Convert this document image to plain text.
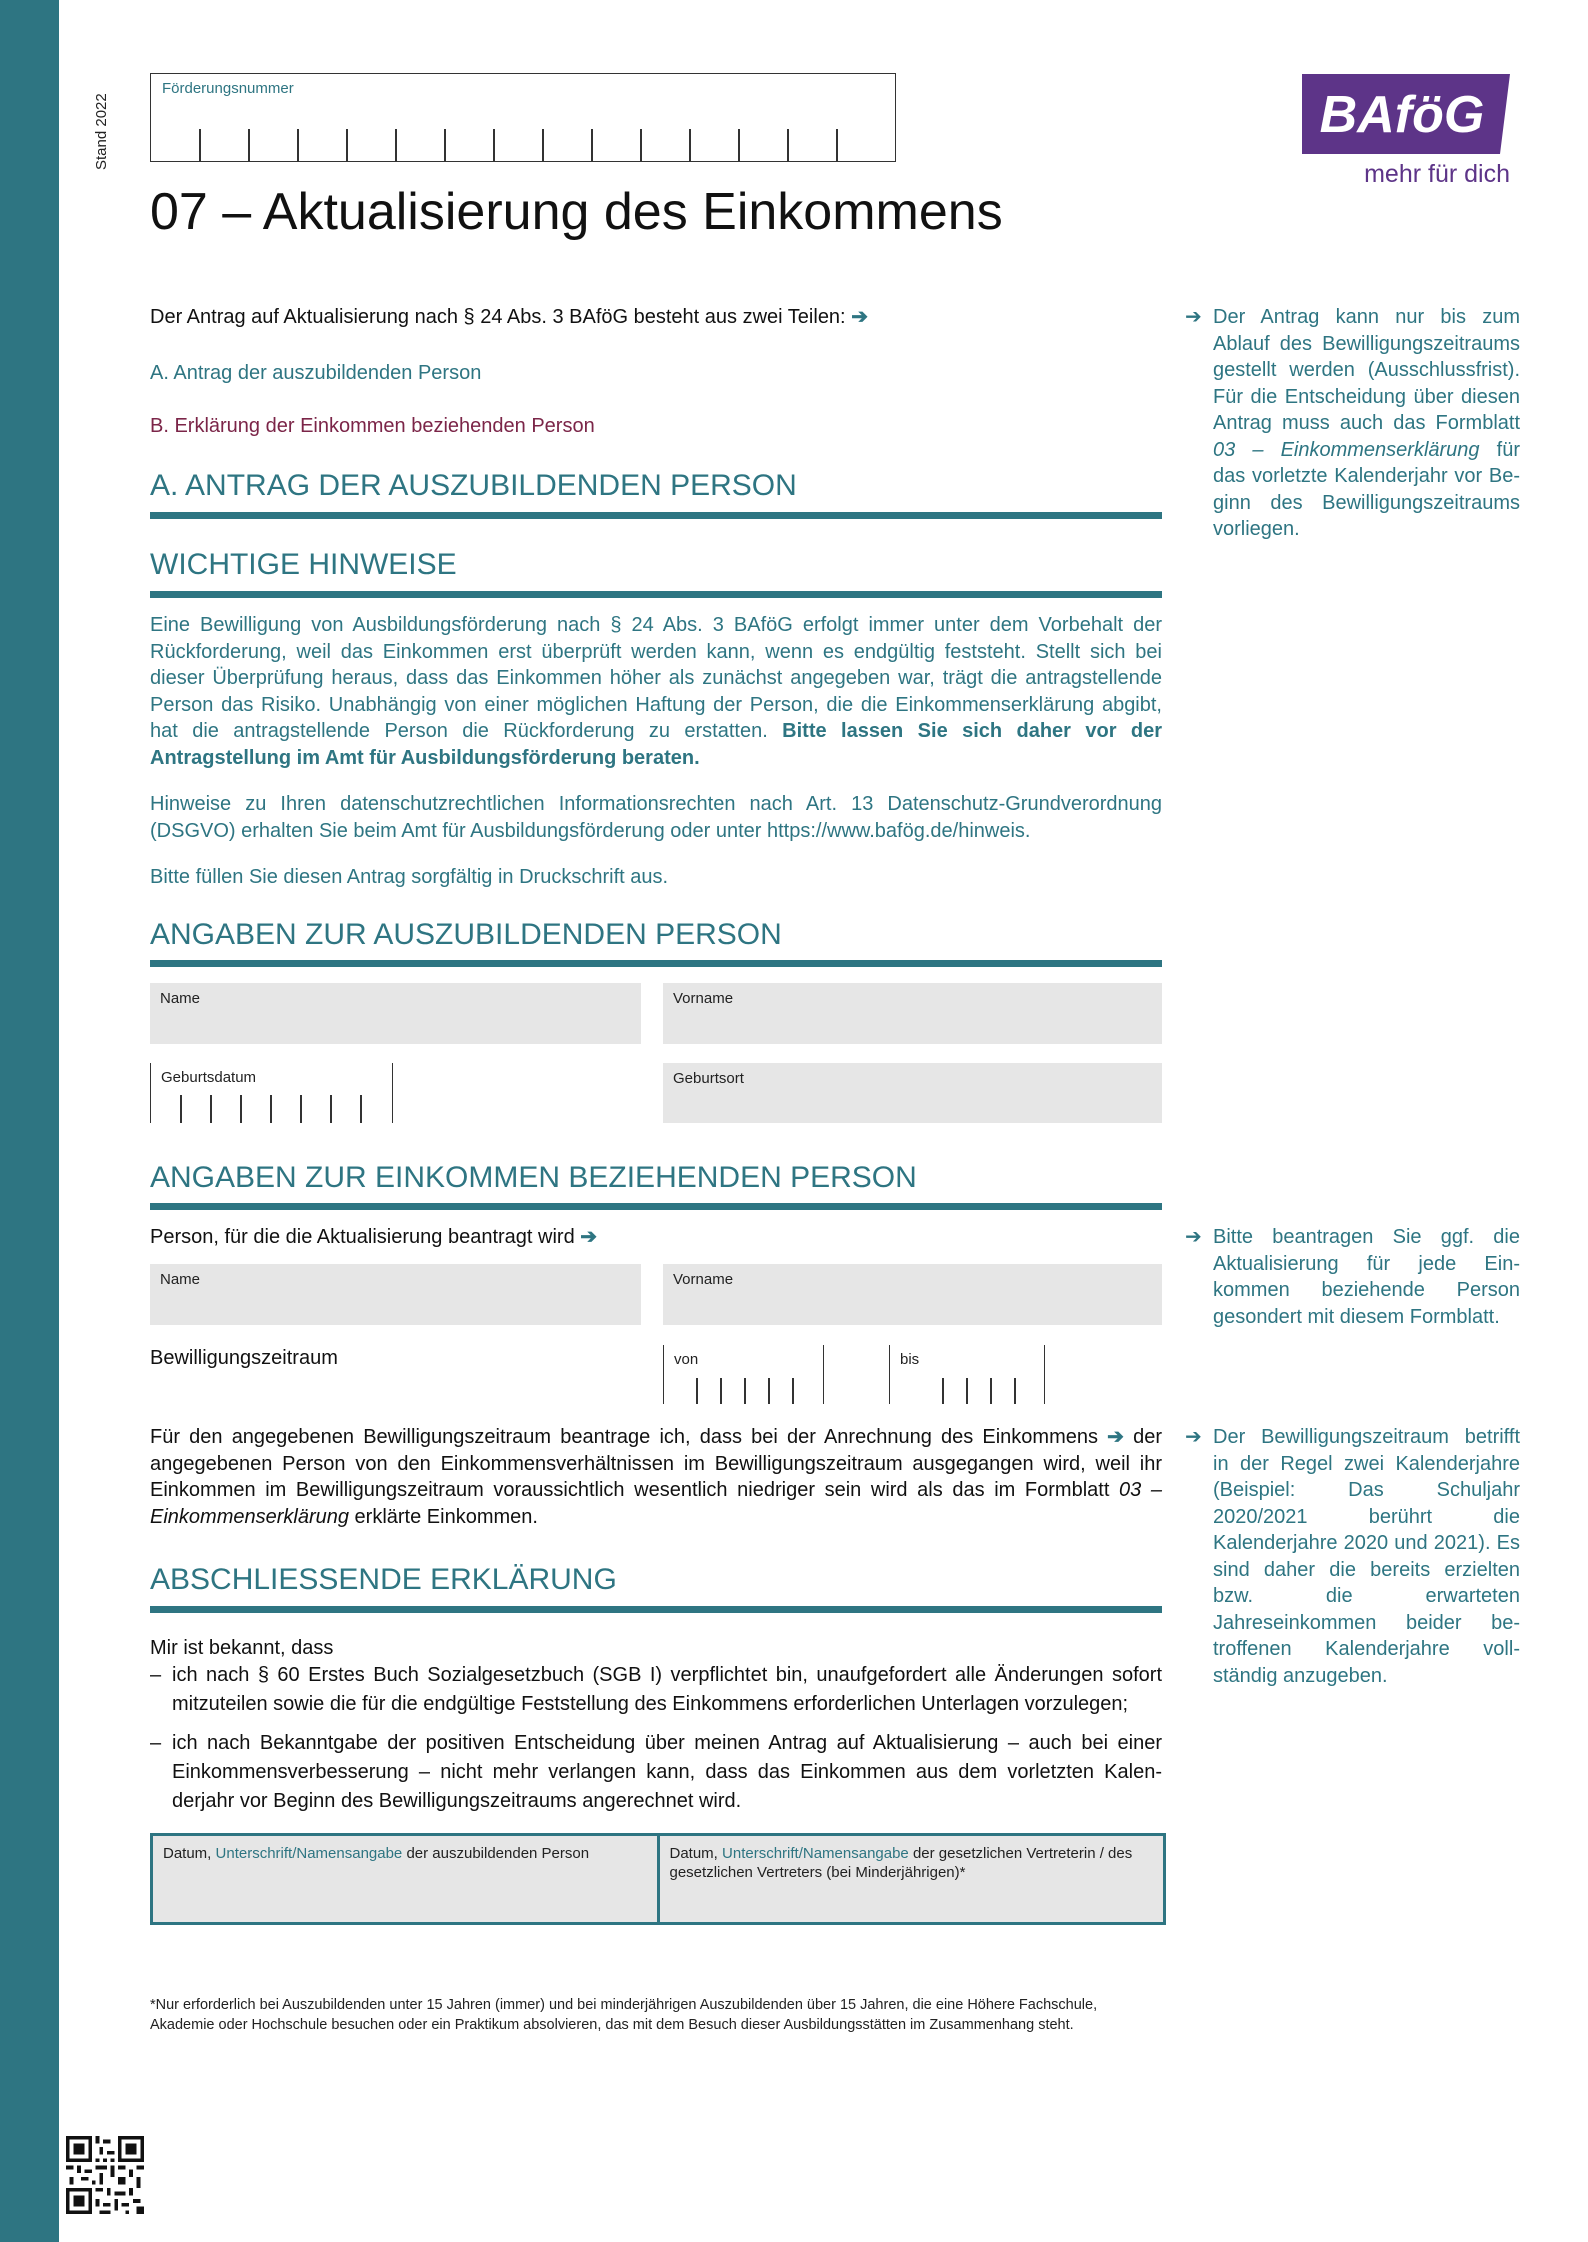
Stand 2022
Förderungsnummer	BAföG
mehr für dich
07 – Aktualisierung des Einkommens
Der Antrag auf Aktualisierung nach § 24 Abs. 3 BAföG besteht aus zwei Teilen: ➔
A. Antrag der auszubildenden Person
B. Erklärung der Einkommen beziehenden Person
A. ANTRAG DER AUSZUBILDENDEN PERSON
WICHTIGE HINWEISE
Eine Bewilligung von Ausbildungsförderung nach § 24 Abs. 3 BAföG erfolgt immer unter dem Vorbehalt der Rückforderung, weil das Einkommen erst überprüft werden kann, wenn es endgültig feststeht. Stellt sich bei dieser Überprüfung heraus, dass das Einkommen höher als zunächst angegeben war, trägt die antragstellende Person das Risiko. Unabhängig von einer möglichen Haftung der Person, die die Einkommenserklärung abgibt, hat die antragstellende Person die Rückforderung zu erstatten. Bitte lassen Sie sich daher vor der Antragstellung im Amt für Ausbildungsförderung beraten.
Hinweise zu Ihren datenschutzrechtlichen Informationsrechten nach Art. 13 Datenschutz-Grundverordnung (DSGVO) erhalten Sie beim Amt für Ausbildungsförderung oder unter https://www.bafög.de/hinweis.
Bitte füllen Sie diesen Antrag sorgfältig in Druckschrift aus.
ANGABEN ZUR AUSZUBILDENDEN PERSON
Name	Vorname
Geburtsdatum	Geburtsort
ANGABEN ZUR EINKOMMEN BEZIEHENDEN PERSON
Person, für die die Aktualisierung beantragt wird ➔
Name	Vorname
Bewilligungszeitraum	von	bis
Für den angegebenen Bewilligungszeitraum beantrage ich, dass bei der Anrechnung des Einkommens ➔ der angegebenen Person von den Einkommensverhältnissen im Bewilligungszeitraum ausgegangen wird, weil ihr Einkommen im Bewilligungszeitraum voraussichtlich wesentlich niedriger sein wird als das im Formblatt 03 – Einkommenserklärung erklärte Einkommen.
ABSCHLIESSENDE ERKLÄRUNG
Mir ist bekannt, dass
– ich nach § 60 Erstes Buch Sozialgesetzbuch (SGB I) verpflichtet bin, unaufgefordert alle Änderungen sofort mitzuteilen sowie die für die endgültige Feststellung des Einkommens erforderlichen Unterlagen vorzulegen;
– ich nach Bekanntgabe der positiven Entscheidung über meinen Antrag auf Aktualisierung – auch bei einer Einkommensverbesserung – nicht mehr verlangen kann, dass das Einkommen aus dem vorletzten Kalenderjahr vor Beginn des Bewilligungszeitraums angerechnet wird.
Datum, Unterschrift/Namensangabe der auszubildenden Person	Datum, Unterschrift/Namensangabe der gesetzlichen Vertreterin / des gesetzlichen Vertreters (bei Minderjährigen)*
*Nur erforderlich bei Auszubildenden unter 15 Jahren (immer) und bei minderjährigen Auszubildenden über 15 Jahren, die eine Höhere Fachschule, Akademie oder Hochschule besuchen oder ein Praktikum absolvieren, das mit dem Besuch dieser Ausbildungsstätten im Zusammenhang steht.
➔ Der Antrag kann nur bis zum Ablauf des Bewilligungszeitraums gestellt werden (Ausschlussfrist). Für die Entscheidung über diesen Antrag muss auch das Formblatt 03 – Einkommenserklärung für das vorletzte Kalenderjahr vor Beginn des Bewilligungszeitraums vorliegen.
➔ Bitte beantragen Sie ggf. die Aktualisierung für jede Einkommen beziehende Person gesondert mit diesem Formblatt.
➔ Der Bewilligungszeitraum betrifft in der Regel zwei Kalenderjahre (Beispiel: Das Schuljahr 2020/2021 berührt die Kalenderjahre 2020 und 2021). Es sind daher die bereits erzielten bzw. die erwarteten Jahreseinkommen beider betroffenen Kalenderjahre vollständig anzugeben.
